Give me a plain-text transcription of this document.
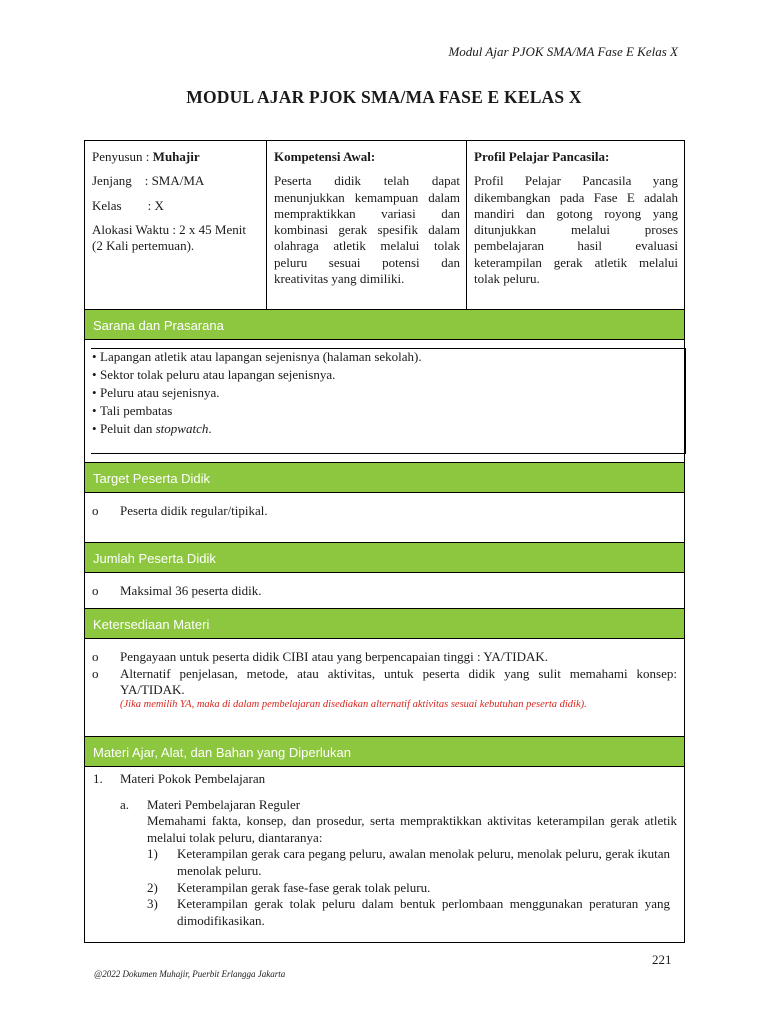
Modul Ajar PJOK SMA/MA Fase E Kelas X
MODUL AJAR PJOK SMA/MA FASE E KELAS X
Penyusun : Muhajir
Jenjang    : SMA/MA
Kelas        : X
Alokasi Waktu : 2 x 45 Menit (2 Kali pertemuan).
Kompetensi Awal:
Peserta didik telah dapat menunjukkan kemampuan dalam mempraktikkan variasi dan kombinasi gerak spesifik dalam olahraga atletik melalui tolak peluru sesuai potensi dan kreativitas yang dimiliki.
Profil Pelajar Pancasila:
Profil Pelajar Pancasila yang dikembangkan pada Fase E adalah mandiri dan gotong royong yang ditunjukkan melalui proses pembelajaran hasil evaluasi keterampilan gerak atletik melalui tolak peluru.
Sarana dan Prasarana
• Lapangan atletik atau lapangan sejenisnya (halaman sekolah).
• Sektor tolak peluru atau lapangan sejenisnya.
• Peluru atau sejenisnya.
• Tali pembatas
• Peluit dan stopwatch .
Target Peserta Didik
o	Peserta didik regular/tipikal.
Jumlah Peserta Didik
o	Maksimal 36 peserta didik.
Ketersediaan Materi
o	Pengayaan untuk peserta didik CIBI atau yang berpencapaian tinggi : YA/TIDAK.
o	Alternatif penjelasan, metode, atau aktivitas, untuk peserta didik yang sulit memahami konsep: YA/TIDAK.
(Jika memilih YA, maka di dalam pembelajaran disediakan alternatif aktivitas sesuai kebutuhan peserta didik).
Materi Ajar, Alat, dan Bahan yang Diperlukan
1.	Materi Pokok Pembelajaran
a.	Materi Pembelajaran Reguler
Memahami fakta, konsep, dan prosedur, serta mempraktikkan aktivitas keterampilan gerak atletik melalui tolak peluru, diantaranya:
1)	Keterampilan gerak cara pegang peluru, awalan menolak peluru, menolak peluru, gerak ikutan menolak peluru.
2)	Keterampilan gerak fase-fase gerak tolak peluru.
3)	Keterampilan gerak tolak peluru dalam bentuk perlombaan menggunakan peraturan yang dimodifikasikan.
221
@2022 Dokumen Muhajir, Puerbit Erlangga Jakarta
